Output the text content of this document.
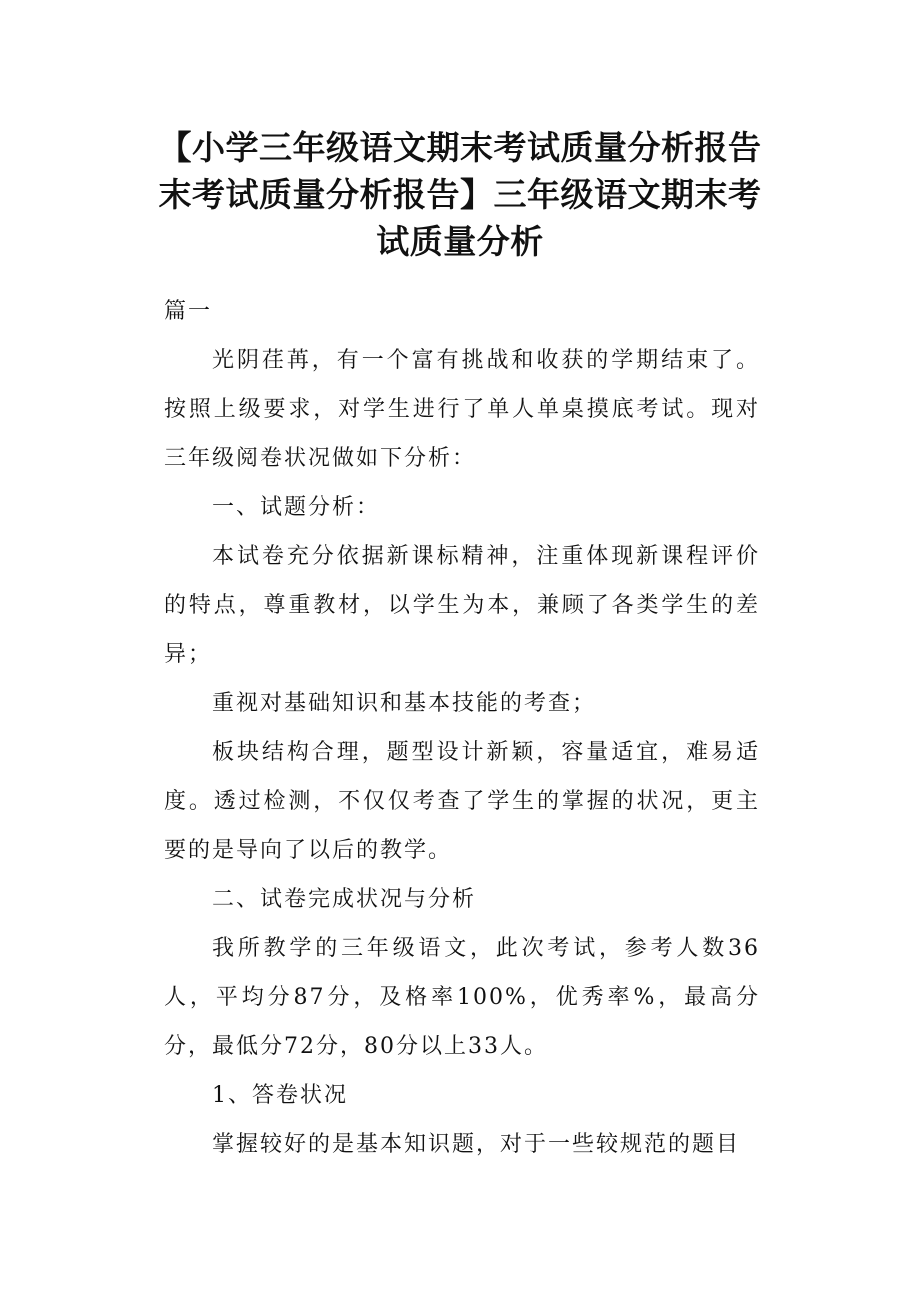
【小学三年级语文期末考试质量分析报告末考试质量分析报告】三年级语文期末考试质量分析

篇一

光阴荏苒，有一个富有挑战和收获的学期结束了。按照上级要求，对学生进行了单人单桌摸底考试。现对三年级阅卷状况做如下分析：

一、试题分析：

本试卷充分依据新课标精神，注重体现新课程评价的特点，尊重教材，以学生为本，兼顾了各类学生的差异；

重视对基础知识和基本技能的考查；

板块结构合理，题型设计新颖，容量适宜，难易适度。透过检测，不仅仅考查了学生的掌握的状况，更主要的是导向了以后的教学。

二、试卷完成状况与分析

我所教学的三年级语文，此次考试，参考人数36人，平均分87分，及格率100%，优秀率%，最高分分，最低分72分，80分以上33人。

1、答卷状况

掌握较好的是基本知识题，对于一些较规范的题目
